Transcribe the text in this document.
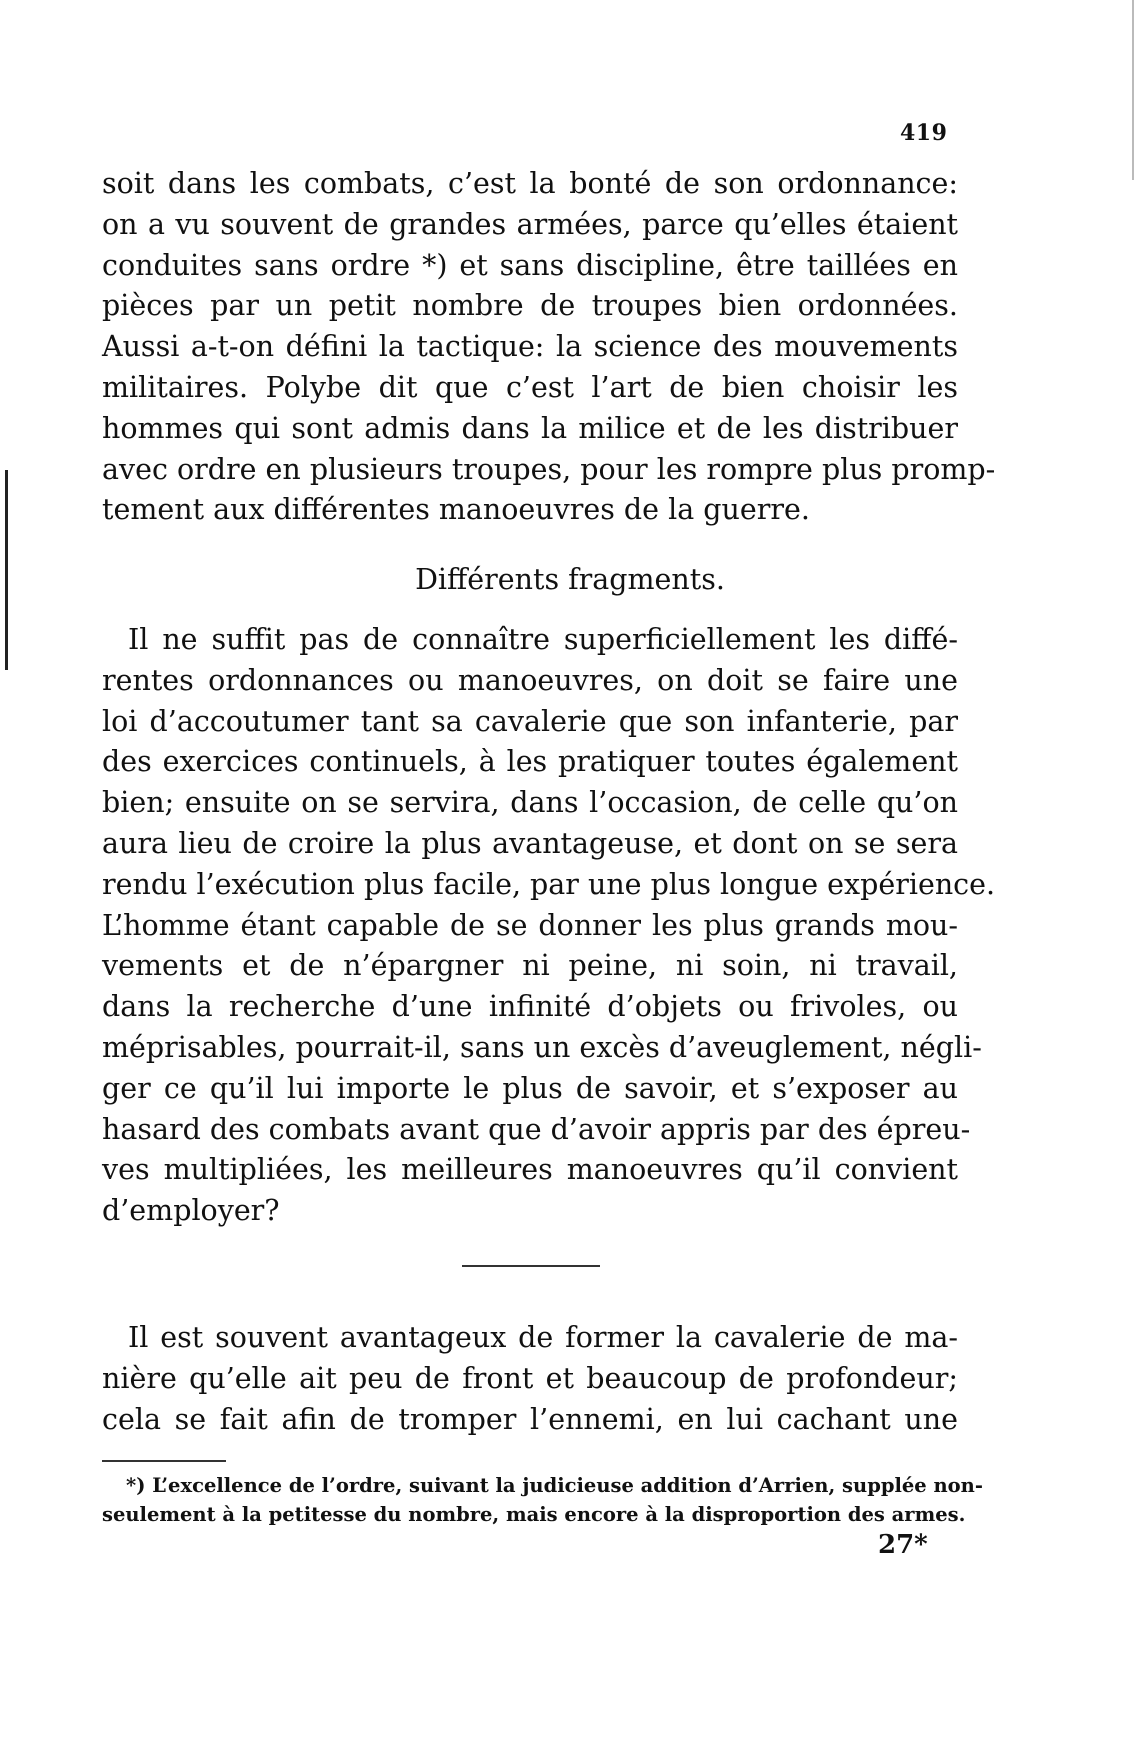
419
soit dans les combats, c’est la bonté de son ordonnance:
on a vu souvent de grandes armées, parce qu’elles étaient
conduites sans ordre *) et sans discipline, être taillées en
pièces par un petit nombre de troupes bien ordonnées.
Aussi a-t-on défini la tactique: la science des mouvements
militaires. Polybe dit que c’est l’art de bien choisir les
hommes qui sont admis dans la milice et de les distribuer
avec ordre en plusieurs troupes, pour les rompre plus promp-
tement aux différentes manoeuvres de la guerre.
Différents fragments.
Il ne suffit pas de connaître superficiellement les diffé-
rentes ordonnances ou manoeuvres, on doit se faire une
loi d’accoutumer tant sa cavalerie que son infanterie, par
des exercices continuels, à les pratiquer toutes également
bien; ensuite on se servira, dans l’occasion, de celle qu’on
aura lieu de croire la plus avantageuse, et dont on se sera
rendu l’exécution plus facile, par une plus longue expérience.
L’homme étant capable de se donner les plus grands mou-
vements et de n’épargner ni peine, ni soin, ni travail,
dans la recherche d’une infinité d’objets ou frivoles, ou
méprisables, pourrait-il, sans un excès d’aveuglement, négli-
ger ce qu’il lui importe le plus de savoir, et s’exposer au
hasard des combats avant que d’avoir appris par des épreu-
ves multipliées, les meilleures manoeuvres qu’il convient
d’employer?
Il est souvent avantageux de former la cavalerie de ma-
nière qu’elle ait peu de front et beaucoup de profondeur;
cela se fait afin de tromper l’ennemi, en lui cachant une
*) L’excellence de l’ordre, suivant la judicieuse addition d’Arrien, supplée non-
seulement à la petitesse du nombre, mais encore à la disproportion des armes.
27*
